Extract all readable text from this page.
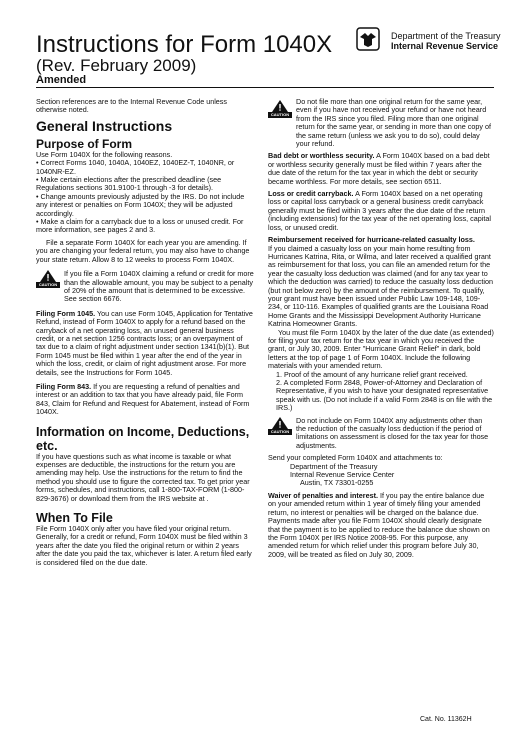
Instructions for Form 1040X
(Rev. February 2009)
Amended
Department of the Treasury
Internal Revenue Service

Section references are to the Internal Revenue Code unless otherwise noted.

General Instructions
Purpose of Form

Use Form 1040X for the following reasons.

• Correct Forms 1040, 1040A, 1040EZ, 1040EZ-T, 1040NR, or 1040NR-EZ.

• Make certain elections after the prescribed deadline (see Regulations sections 301.9100-1 through -3 for details).

• Change amounts previously adjusted by the IRS. Do not include any interest or penalties on Form 1040X; they will be adjusted accordingly.

• Make a claim for a carryback due to a loss or unused credit. For more information, see pages 2 and 3.

File a separate Form 1040X for each year you are amending. If you are changing your federal return, you may also have to change your state return. Allow 8 to 12 weeks to process Form 1040X.

CAUTION

If you file a Form 1040X claiming a refund or credit for more than the allowable amount, you may be subject to a penalty of 20% of the amount that is determined to be excessive. See section 6676.

Filing Form 1045. You can use Form 1045, Application for Tentative Refund, instead of Form 1040X to apply for a refund based on the carryback of a net operating loss, an unused general business credit, or a net section 1256 contracts loss; or an overpayment of tax due to a claim of right adjustment under section 1341(b)(1). But Form 1045 must be filed within 1 year after the end of the year in which the loss, credit, or claim of right adjustment arose. For more details, see the Instructions for Form 1045.

Filing Form 843. If you are requesting a refund of penalties and interest or an addition to tax that you have already paid, file Form 843, Claim for Refund and Request for Abatement, instead of Form 1040X.

Information on Income, Deductions, etc.

If you have questions such as what income is taxable or what expenses are deductible, the instructions for the return you are amending may help. Use the instructions for the return to find the method you should use to figure the corrected tax. To get prior year forms, schedules, and instructions, call 1-800-TAX-FORM (1-800-829-3676) or download them from the IRS website at .

When To File

File Form 1040X only after you have filed your original return. Generally, for a credit or refund, Form 1040X must be filed within 3 years after the date you filed the original return or within 2 years after the date you paid the tax, whichever is later. A return filed early is considered filed on the due date.

CAUTION

Do not file more than one original return for the same year, even if you have not received your refund or have not heard from the IRS since you filed. Filing more than one original return for the same year, or sending in more than one copy of the same return (unless we ask you to do so), could delay your refund.

Bad debt or worthless security. A Form 1040X based on a bad debt or worthless security generally must be filed within 7 years after the due date of the return for the tax year in which the debt or security became worthless. For more details, see section 6511.

Loss or credit carryback. A Form 1040X based on a net operating loss or capital loss carryback or a general business credit carryback generally must be filed within 3 years after the due date of the return (including extensions) for the tax year of the net operating loss, capital loss, or unused credit.

Reimbursement received for hurricane-related casualty loss.

If you claimed a casualty loss on your main home resulting from Hurricanes Katrina, Rita, or Wilma, and later received a qualified grant as reimbursement for that loss, you can file an amended return for the year the casualty loss deduction was claimed (and for any tax year to which the deduction was carried) to reduce the casualty loss deduction (but not below zero) by the amount of the reimbursement. To qualify, your grant must have been issued under Public Law 109-148, 109-234, or 110-116. Examples of qualified grants are the Louisiana Road Home Grants and the Mississippi Development Authority Hurricane Katrina Homeowner Grants.

You must file Form 1040X by the later of the due date (as extended) for filing your tax return for the tax year in which you received the grant, or July 30, 2009. Enter "Hurricane Grant Relief" in dark, bold letters at the top of page 1 of Form 1040X. Include the following materials with your amended return.

1. Proof of the amount of any hurricane relief grant received.

2. A completed Form 2848, Power-of-Attorney and Declaration of Representative, if you wish to have your designated representative speak with us. (Do not include if a valid Form 2848 is on file with the IRS.)

CAUTION

Do not include on Form 1040X any adjustments other than the reduction of the casualty loss deduction if the period of limitations on assessment is closed for the tax year for those adjustments.

Send your completed Form 1040X and attachments to:

Department of the Treasury

Internal Revenue Service Center

Austin, TX 73301-0255

Waiver of penalties and interest. If you pay the entire balance due on your amended return within 1 year of timely filing your amended return, no interest or penalties will be charged on the balance due. Payments made after you file Form 1040X should clearly designate that the payment is to be applied to reduce the balance due shown on the Form 1040X per IRS Notice 2008-95. For this purpose, any amended return for which relief under this program before July 30, 2009, will be treated as filed on July 30, 2009.

Cat. No. 11362H
